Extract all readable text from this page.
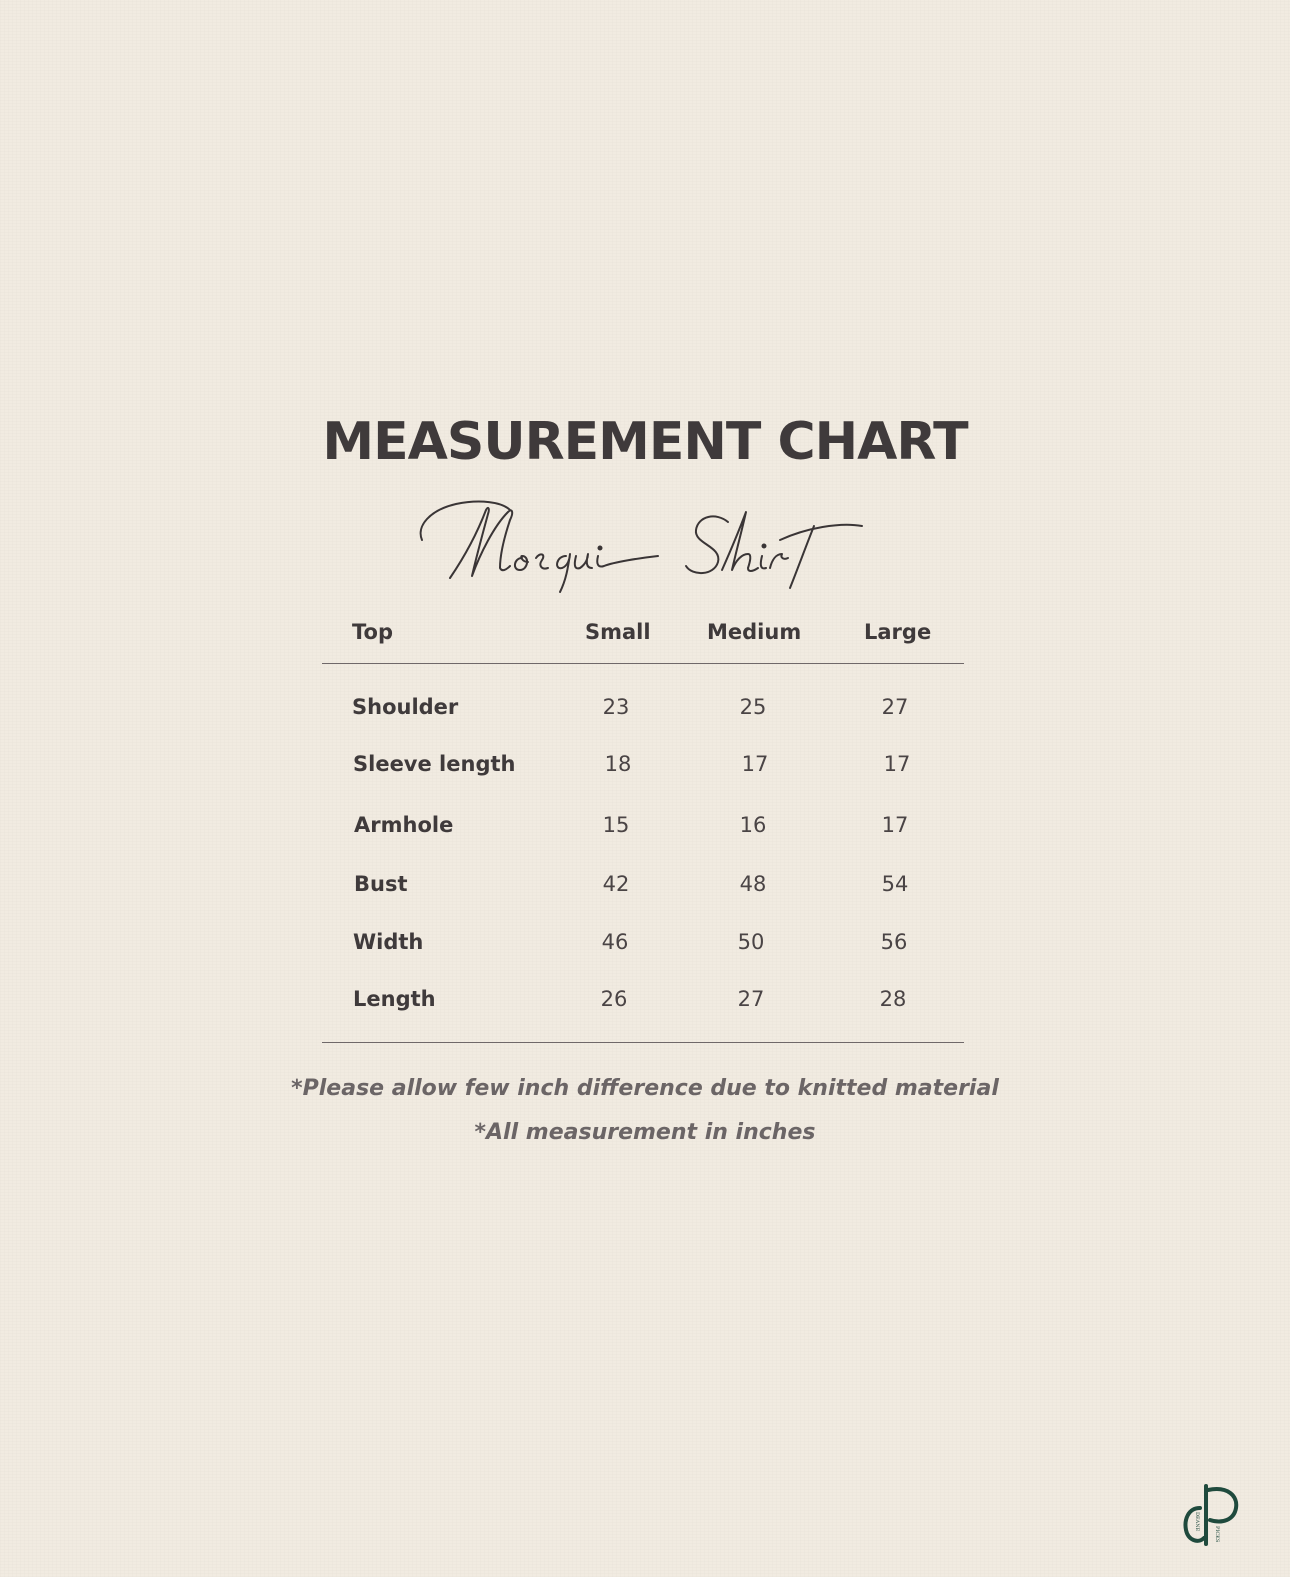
MEASUREMENT CHART
Top	Small	Medium	Large
Shoulder	23	25	27
Sleeve length	18	17	17
Armhole	15	16	17
Bust	42	48	54
Width	46	50	56
Length	26	27	28
*Please allow few inch difference due to knitted material
*All measurement in inches
DEANE
PICKS
